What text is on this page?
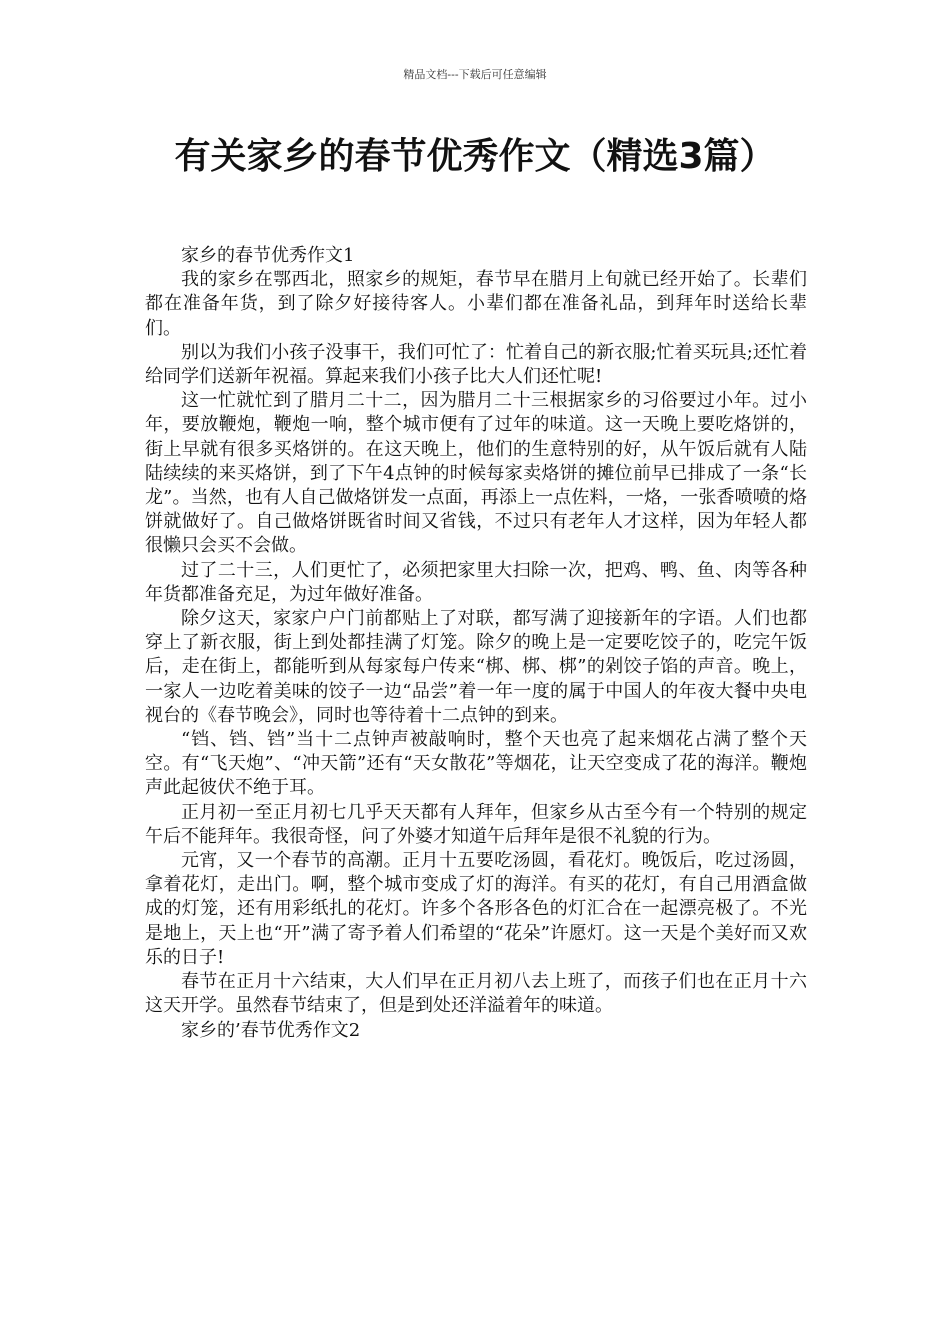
精品文档---下载后可任意编辑
有关家乡的春节优秀作文（精选3篇）

家乡的春节优秀作文1

我的家乡在鄂西北，照家乡的规矩，春节早在腊月上旬就已经开始了。长辈们都在准备年货，到了除夕好接待客人。小辈们都在准备礼品，到拜年时送给长辈们。

别以为我们小孩子没事干，我们可忙了：忙着自己的新衣服;忙着买玩具;还忙着给同学们送新年祝福。算起来我们小孩子比大人们还忙呢!

这一忙就忙到了腊月二十二，因为腊月二十三根据家乡的习俗要过小年。过小年，要放鞭炮，鞭炮一响，整个城市便有了过年的味道。这一天晚上要吃烙饼的，街上早就有很多买烙饼的。在这天晚上，他们的生意特别的好，从午饭后就有人陆陆续续的来买烙饼，到了下午4点钟的时候每家卖烙饼的摊位前早已排成了一条“长龙”。当然，也有人自己做烙饼发一点面，再添上一点佐料，一烙，一张香喷喷的烙饼就做好了。自己做烙饼既省时间又省钱，不过只有老年人才这样，因为年轻人都很懒只会买不会做。

过了二十三，人们更忙了，必须把家里大扫除一次，把鸡、鸭、鱼、肉等各种年货都准备充足，为过年做好准备。

除夕这天，家家户户门前都贴上了对联，都写满了迎接新年的字语。人们也都穿上了新衣服，街上到处都挂满了灯笼。除夕的晚上是一定要吃饺子的，吃完午饭后，走在街上，都能听到从每家每户传来“梆、梆、梆”的剁饺子馅的声音。晚上，一家人一边吃着美味的饺子一边“品尝”着一年一度的属于中国人的年夜大餐中央电视台的《春节晚会》，同时也等待着十二点钟的到来。

“铛、铛、铛”当十二点钟声被敲响时，整个天也亮了起来烟花占满了整个天空。有“飞天炮”、“冲天箭”还有“天女散花”等烟花，让天空变成了花的海洋。鞭炮声此起彼伏不绝于耳。

正月初一至正月初七几乎天天都有人拜年，但家乡从古至今有一个特别的规定午后不能拜年。我很奇怪，问了外婆才知道午后拜年是很不礼貌的行为。

元宵，又一个春节的高潮。正月十五要吃汤圆，看花灯。晚饭后，吃过汤圆，拿着花灯，走出门。啊，整个城市变成了灯的海洋。有买的花灯，有自己用酒盒做成的灯笼，还有用彩纸扎的花灯。许多个各形各色的灯汇合在一起漂亮极了。不光是地上，天上也“开”满了寄予着人们希望的“花朵”许愿灯。这一天是个美好而又欢乐的日子!

春节在正月十六结束，大人们早在正月初八去上班了，而孩子们也在正月十六这天开学。虽然春节结束了，但是到处还洋溢着年的味道。

家乡的’春节优秀作文2
